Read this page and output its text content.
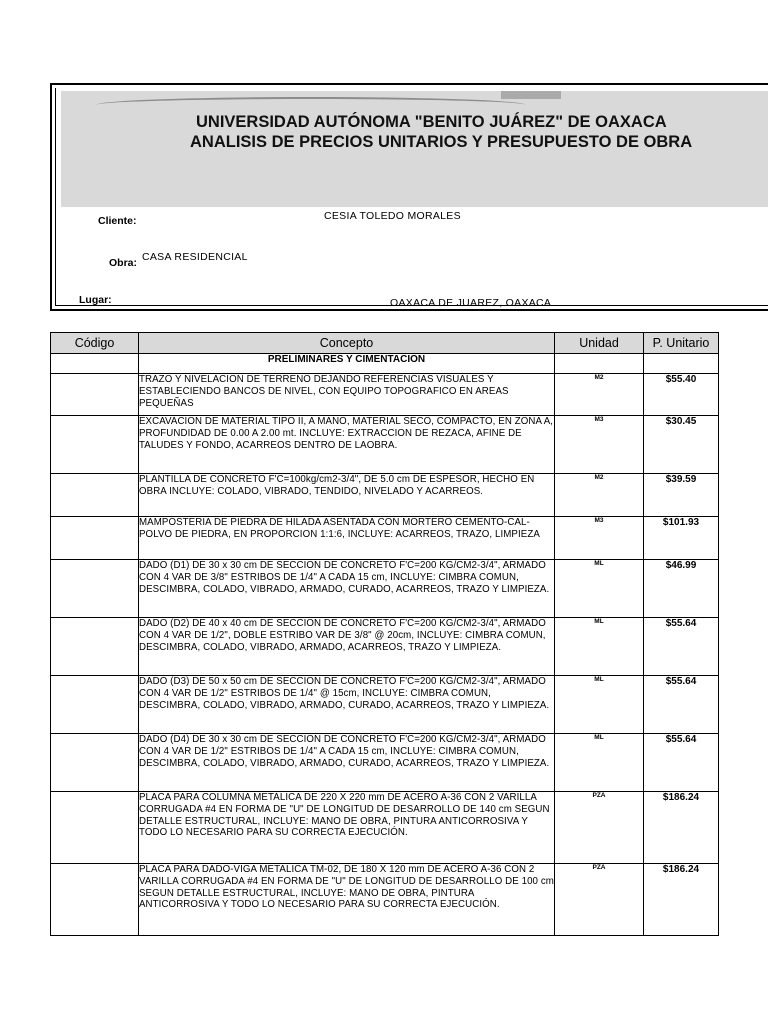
UNIVERSIDAD AUTÓNOMA "BENITO JUÁREZ" DE OAXACA
ANALISIS DE PRECIOS UNITARIOS Y PRESUPUESTO DE OBRA
Cliente:	CESIA TOLEDO MORALES
Obra: CASA RESIDENCIAL
Lugar:	OAXACA DE JUAREZ, OAXACA
Código	Concepto	Unidad	P. Unitario
	PRELIMINARES Y CIMENTACION		
	TRAZO Y NIVELACION DE TERRENO DEJANDO REFERENCIAS VISUALES Y ESTABLECIENDO BANCOS DE NIVEL, CON EQUIPO TOPOGRAFICO EN AREAS PEQUEÑAS	M2	$55.40
	EXCAVACION DE MATERIAL TIPO II, A MANO, MATERIAL SECO, COMPACTO, EN ZONA A, PROFUNDIDAD DE 0.00 A 2.00 mt. INCLUYE: EXTRACCION DE REZACA, AFINE DE TALUDES Y FONDO, ACARREOS DENTRO DE LAOBRA.	M3	$30.45
	PLANTILLA DE CONCRETO F'C=100kg/cm2-3/4", DE 5.0 cm DE ESPESOR, HECHO EN OBRA INCLUYE: COLADO, VIBRADO, TENDIDO, NIVELADO Y ACARREOS.	M2	$39.59
	MAMPOSTERIA DE PIEDRA DE HILADA ASENTADA CON MORTERO CEMENTO-CAL-POLVO DE PIEDRA, EN PROPORCION 1:1:6, INCLUYE: ACARREOS, TRAZO, LIMPIEZA	M3	$101.93
	DADO (D1) DE 30 x 30 cm DE SECCION DE CONCRETO F'C=200 KG/CM2-3/4", ARMADO CON 4 VAR DE 3/8" ESTRIBOS DE 1/4" A CADA 15 cm, INCLUYE: CIMBRA COMUN, DESCIMBRA, COLADO, VIBRADO, ARMADO, CURADO, ACARREOS, TRAZO Y LIMPIEZA.	ML	$46.99
	DADO (D2) DE 40 x 40 cm DE SECCION DE CONCRETO F'C=200 KG/CM2-3/4", ARMADO CON 4 VAR DE 1/2", DOBLE ESTRIBO VAR DE 3/8" @ 20cm, INCLUYE: CIMBRA COMUN, DESCIMBRA, COLADO, VIBRADO, ARMADO, ACARREOS, TRAZO Y LIMPIEZA.	ML	$55.64
	DADO (D3) DE 50 x 50 cm DE SECCION DE CONCRETO F'C=200 KG/CM2-3/4", ARMADO CON 4 VAR DE 1/2" ESTRIBOS DE 1/4" @ 15cm, INCLUYE: CIMBRA COMUN, DESCIMBRA, COLADO, VIBRADO, ARMADO, CURADO, ACARREOS, TRAZO Y LIMPIEZA.	ML	$55.64
	DADO (D4) DE 30 x 30 cm DE SECCION DE CONCRETO F'C=200 KG/CM2-3/4", ARMADO CON 4 VAR DE 1/2" ESTRIBOS DE 1/4" A CADA 15 cm, INCLUYE: CIMBRA COMUN, DESCIMBRA, COLADO, VIBRADO, ARMADO, CURADO, ACARREOS, TRAZO Y LIMPIEZA.	ML	$55.64
	PLACA PARA COLUMNA METALICA DE 220 X 220 mm DE ACERO A-36 CON 2 VARILLA CORRUGADA #4 EN FORMA DE "U" DE LONGITUD DE DESARROLLO DE 140 cm SEGUN DETALLE ESTRUCTURAL, INCLUYE: MANO DE OBRA, PINTURA ANTICORROSIVA Y TODO LO NECESARIO PARA SU CORRECTA EJECUCIÓN.	PZA	$186.24
	PLACA PARA DADO-VIGA METALICA TM-02, DE 180 X 120 mm DE ACERO A-36 CON 2 VARILLA CORRUGADA #4 EN FORMA DE "U" DE LONGITUD DE DESARROLLO DE 100 cm SEGUN DETALLE ESTRUCTURAL, INCLUYE: MANO DE OBRA, PINTURA ANTICORROSIVA Y TODO LO NECESARIO PARA SU CORRECTA EJECUCIÓN.	PZA	$186.24
